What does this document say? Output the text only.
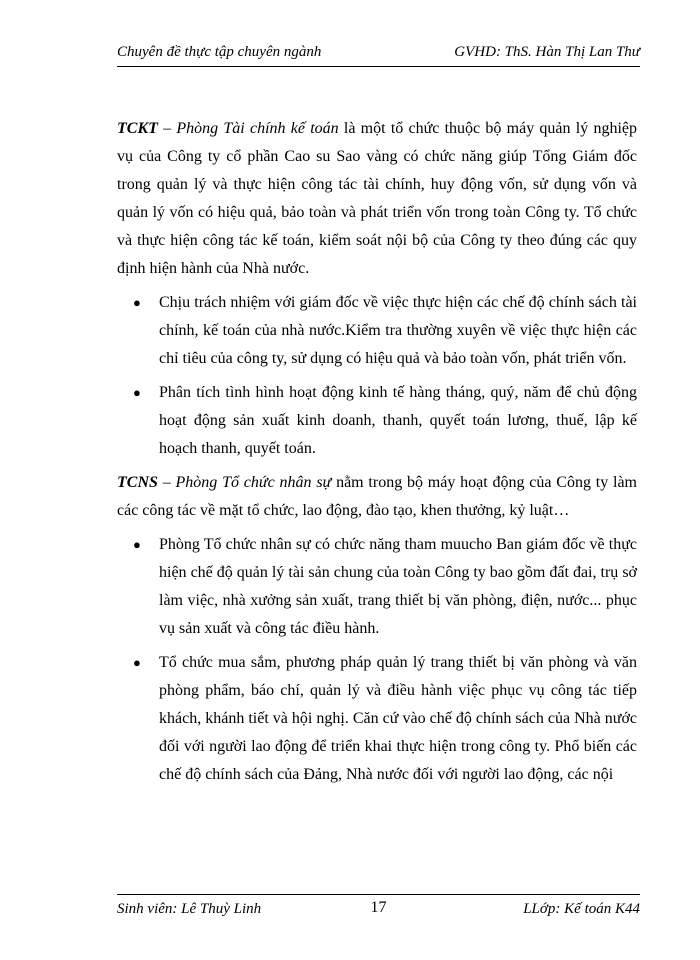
Chuyên đề thực tập chuyên ngành	GVHD: ThS. Hàn Thị Lan Thư

TCKT – Phòng Tài chính kế toán là một tổ chức thuộc bộ máy quản lý nghiệp vụ của Công ty cổ phần Cao su Sao vàng có chức năng giúp Tổng Giám đốc trong quản lý và thực hiện công tác tài chính, huy động vốn, sử dụng vốn và quản lý vốn có hiệu quả, bảo toàn và phát triển vốn trong toàn Công ty. Tổ chức và thực hiện công tác kế toán, kiểm soát nội bộ của Công ty theo đúng các quy định hiện hành của Nhà nước.

● Chịu trách nhiệm với giám đốc về việc thực hiện các chế độ chính sách tài chính, kế toán của nhà nước.Kiểm tra thường xuyên về việc thực hiện các chỉ tiêu của công ty, sử dụng có hiệu quả và bảo toàn vốn, phát triển vốn.
● Phân tích tình hình hoạt động kinh tế hàng tháng, quý, năm để chủ động hoạt động sản xuất kinh doanh, thanh, quyết toán lương, thuế, lập kế hoạch thanh, quyết toán.

TCNS – Phòng Tổ chức nhân sự nằm trong bộ máy hoạt động của Công ty làm các công tác về mặt tổ chức, lao động, đào tạo, khen thưởng, kỷ luật…

● Phòng Tổ chức nhân sự có chức năng tham muucho Ban giám đốc về thực hiện chế độ quản lý tài sản chung của toàn Công ty bao gồm đất đai, trụ sở làm việc, nhà xưởng sản xuất, trang thiết bị văn phòng, điện, nước... phục vụ sản xuất và công tác điều hành.
● Tổ chức mua sắm, phương pháp quản lý trang thiết bị văn phòng và văn phòng phẩm, báo chí, quản lý và điều hành việc phục vụ công tác tiếp khách, khánh tiết và hội nghị. Căn cứ vào chế độ chính sách của Nhà nước đối với người lao động để triển khai thực hiện trong công ty. Phổ biến các chế độ chính sách của Đảng, Nhà nước đối với người lao động, các nội
Sinh viên: Lê Thuỳ Linh	17	LLớp: Kế toán K44
